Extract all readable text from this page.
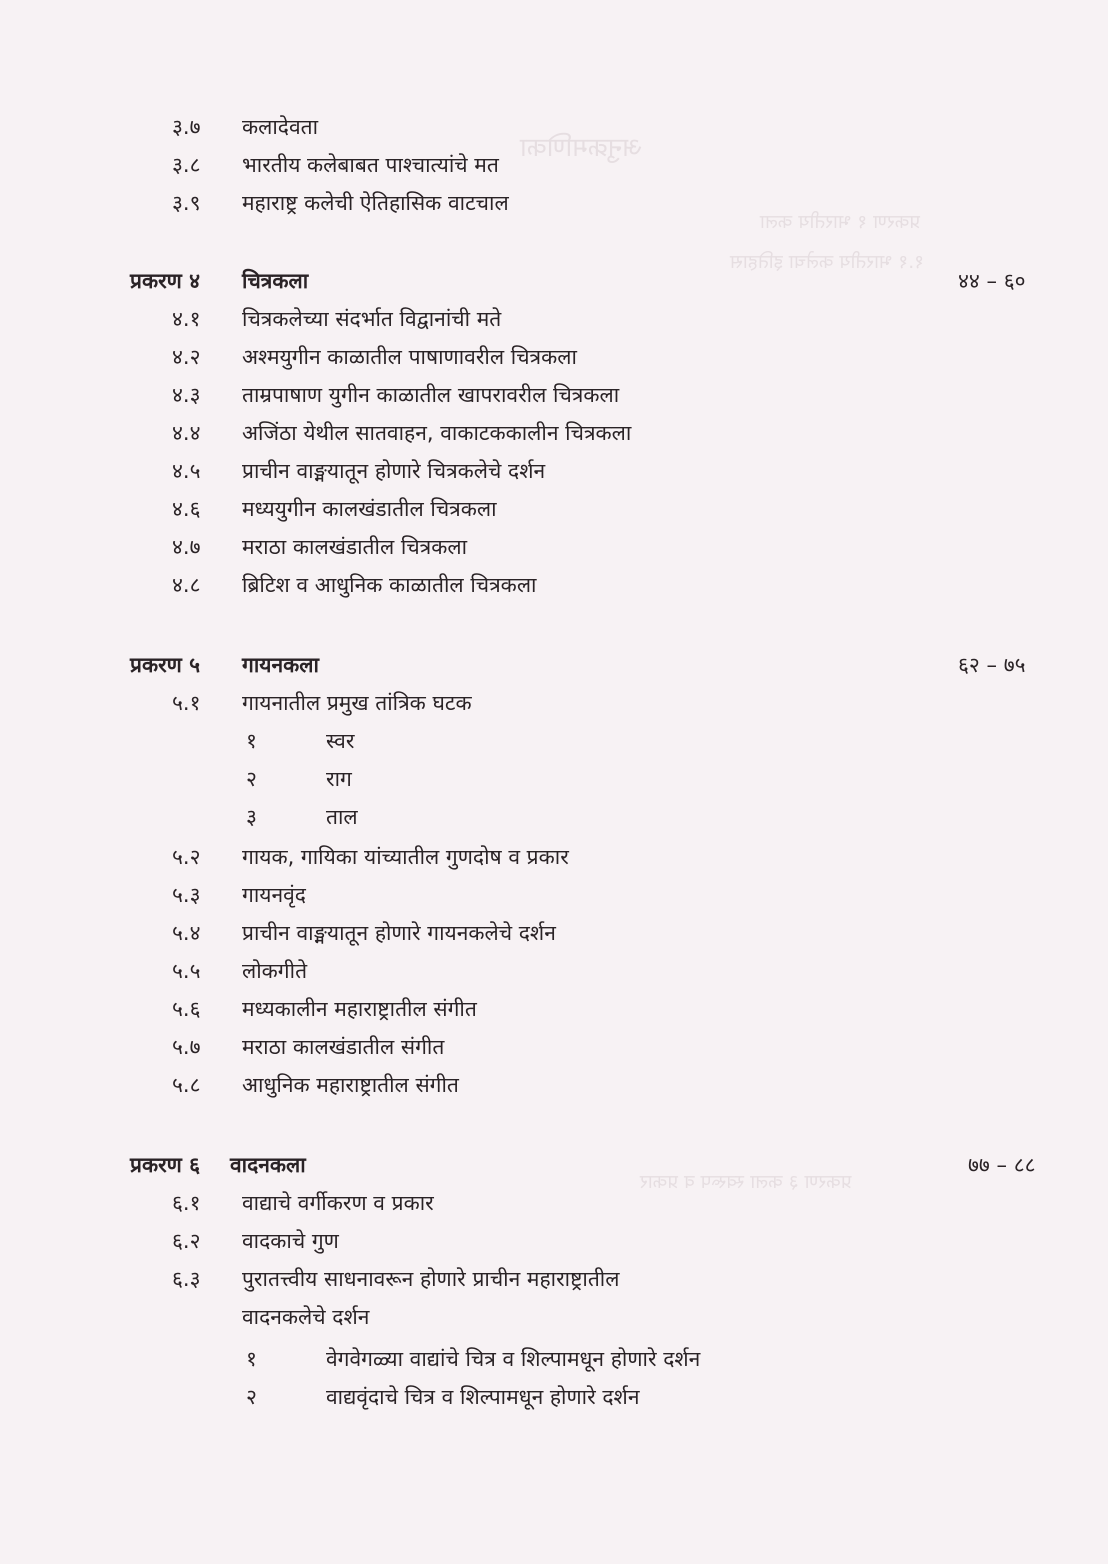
अनुक्रमणिका
प्रकरण १ भारतीय कला
१.१ भारतीय कलेचा इतिहास
प्रकरण ३ कला स्वरूप व प्रकार
३.७ कलादेवता
३.८ भारतीय कलेबाबत पाश्चात्यांचे मत
३.९ महाराष्ट्र कलेची ऐतिहासिक वाटचाल
प्रकरण ४ चित्रकला	४४ – ६०
४.१ चित्रकलेच्या संदर्भात विद्वानांची मते
४.२ अश्मयुगीन काळातील पाषाणावरील चित्रकला
४.३ ताम्रपाषाण युगीन काळातील खापरावरील चित्रकला
४.४ अजिंठा येथील सातवाहन, वाकाटककालीन चित्रकला
४.५ प्राचीन वाङ्मयातून होणारे चित्रकलेचे दर्शन
४.६ मध्ययुगीन कालखंडातील चित्रकला
४.७ मराठा कालखंडातील चित्रकला
४.८ ब्रिटिश व आधुनिक काळातील चित्रकला
प्रकरण ५ गायनकला	६२ – ७५
५.१ गायनातील प्रमुख तांत्रिक घटक
१	स्वर
२	राग
३	ताल
५.२ गायक, गायिका यांच्यातील गुणदोष व प्रकार
५.३ गायनवृंद
५.४ प्राचीन वाङ्मयातून होणारे गायनकलेचे दर्शन
५.५ लोकगीते
५.६ मध्यकालीन महाराष्ट्रातील संगीत
५.७ मराठा कालखंडातील संगीत
५.८ आधुनिक महाराष्ट्रातील संगीत
प्रकरण ६ वादनकला	७७ – ८८
६.१ वाद्याचे वर्गीकरण व प्रकार
६.२ वादकाचे गुण
६.३ पुरातत्त्वीय साधनावरून होणारे प्राचीन महाराष्ट्रातील
वादनकलेचे दर्शन
१	वेगवेगळ्या वाद्यांचे चित्र व शिल्पामधून होणारे दर्शन
२	वाद्यवृंदाचे चित्र व शिल्पामधून होणारे दर्शन
